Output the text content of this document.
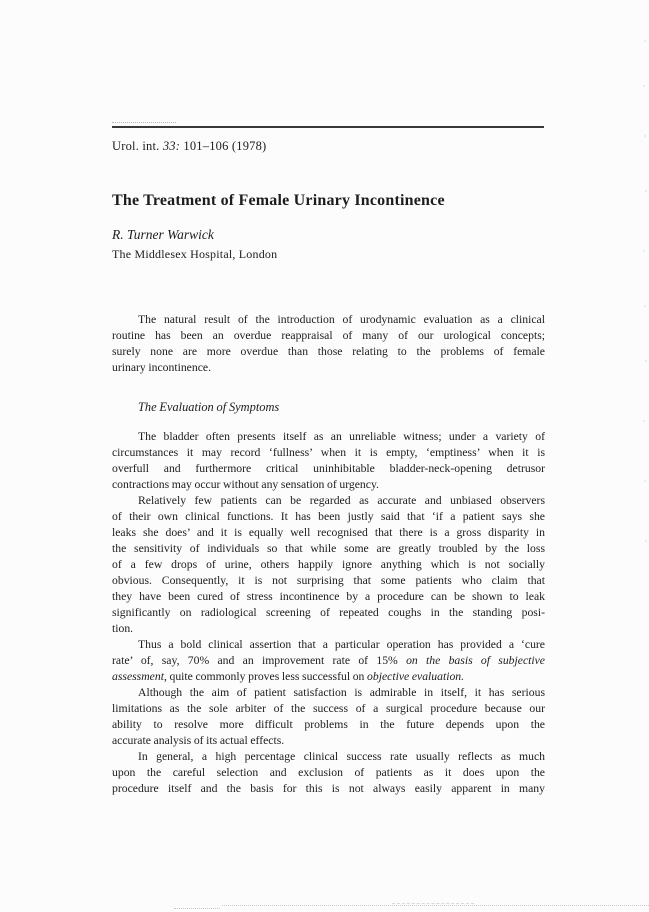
Urol. int. 33: 101–106 (1978)
The Treatment of Female Urinary Incontinence
R. Turner Warwick
The Middlesex Hospital, London
The natural result of the introduction of urodynamic evaluation as a clinical
routine has been an overdue reappraisal of many of our urological concepts;
surely none are more overdue than those relating to the problems of female
urinary incontinence.
The Evaluation of Symptoms
The bladder often presents itself as an unreliable witness; under a variety of
circumstances it may record ‘fullness’ when it is empty, ‘emptiness’ when it is
overfull and furthermore critical uninhibitable bladder-neck-opening detrusor
contractions may occur without any sensation of urgency.
Relatively few patients can be regarded as accurate and unbiased observers
of their own clinical functions. It has been justly said that ‘if a patient says she
leaks she does’ and it is equally well recognised that there is a gross disparity in
the sensitivity of individuals so that while some are greatly troubled by the loss
of a few drops of urine, others happily ignore anything which is not socially
obvious. Consequently, it is not surprising that some patients who claim that
they have been cured of stress incontinence by a procedure can be shown to leak
significantly on radiological screening of repeated coughs in the standing posi-
tion.
Thus a bold clinical assertion that a particular operation has provided a ‘cure
rate’ of, say, 70% and an improvement rate of 15% on the basis of subjective
assessment, quite commonly proves less successful on objective evaluation.
Although the aim of patient satisfaction is admirable in itself, it has serious
limitations as the sole arbiter of the success of a surgical procedure because our
ability to resolve more difficult problems in the future depends upon the
accurate analysis of its actual effects.
In general, a high percentage clinical success rate usually reflects as much
upon the careful selection and exclusion of patients as it does upon the
procedure itself and the basis for this is not always easily apparent in many
